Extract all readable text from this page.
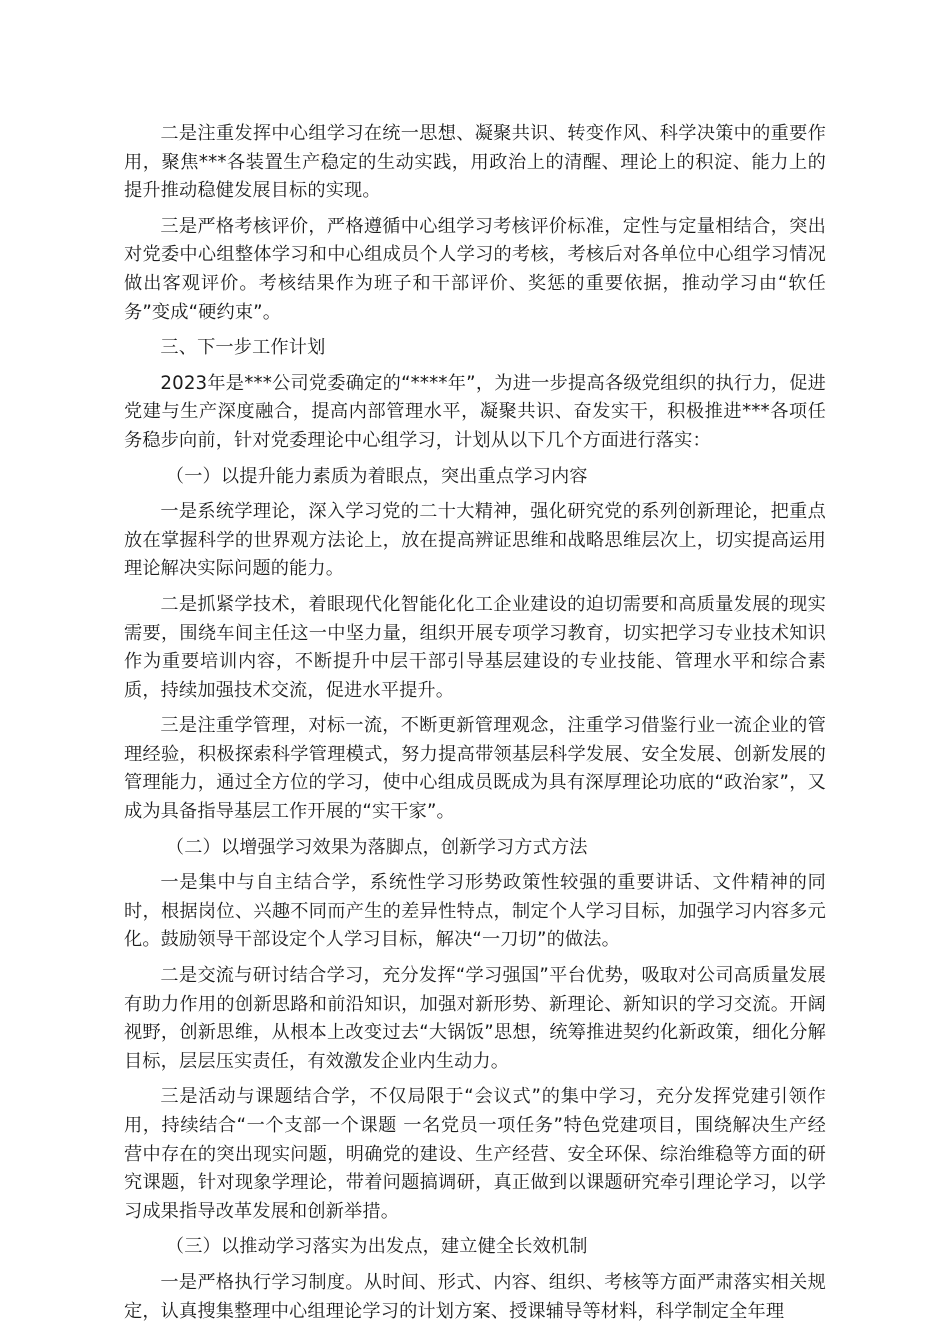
二是注重发挥中心组学习在统一思想、凝聚共识、转变作风、科学决策中的重要作用，聚焦***各装置生产稳定的生动实践，用政治上的清醒、理论上的积淀、能力上的提升推动稳健发展目标的实现。

三是严格考核评价，严格遵循中心组学习考核评价标准，定性与定量相结合，突出对党委中心组整体学习和中心组成员个人学习的考核，考核后对各单位中心组学习情况做出客观评价。考核结果作为班子和干部评价、奖惩的重要依据，推动学习由“软任务”变成“硬约束”。

三、下一步工作计划

2023年是***公司党委确定的“****年”，为进一步提高各级党组织的执行力，促进党建与生产深度融合，提高内部管理水平，凝聚共识、奋发实干，积极推进***各项任务稳步向前，针对党委理论中心组学习，计划从以下几个方面进行落实：

（一）以提升能力素质为着眼点，突出重点学习内容

一是系统学理论，深入学习党的二十大精神，强化研究党的系列创新理论，把重点放在掌握科学的世界观方法论上，放在提高辨证思维和战略思维层次上，切实提高运用理论解决实际问题的能力。

二是抓紧学技术，着眼现代化智能化化工企业建设的迫切需要和高质量发展的现实需要，围绕车间主任这一中坚力量，组织开展专项学习教育，切实把学习专业技术知识作为重要培训内容，不断提升中层干部引导基层建设的专业技能、管理水平和综合素质，持续加强技术交流，促进水平提升。

三是注重学管理，对标一流，不断更新管理观念，注重学习借鉴行业一流企业的管理经验，积极探索科学管理模式，努力提高带领基层科学发展、安全发展、创新发展的管理能力，通过全方位的学习，使中心组成员既成为具有深厚理论功底的“政治家”，又成为具备指导基层工作开展的“实干家”。

（二）以增强学习效果为落脚点，创新学习方式方法

一是集中与自主结合学，系统性学习形势政策性较强的重要讲话、文件精神的同时，根据岗位、兴趣不同而产生的差异性特点，制定个人学习目标，加强学习内容多元化。鼓励领导干部设定个人学习目标，解决“一刀切”的做法。

二是交流与研讨结合学习，充分发挥“学习强国”平台优势，吸取对公司高质量发展有助力作用的创新思路和前沿知识，加强对新形势、新理论、新知识的学习交流。开阔视野，创新思维，从根本上改变过去“大锅饭”思想，统筹推进契约化新政策，细化分解目标，层层压实责任，有效激发企业内生动力。

三是活动与课题结合学，不仅局限于“会议式”的集中学习，充分发挥党建引领作用，持续结合“一个支部一个课题 一名党员一项任务”特色党建项目，围绕解决生产经营中存在的突出现实问题，明确党的建设、生产经营、安全环保、综治维稳等方面的研究课题，针对现象学理论，带着问题搞调研，真正做到以课题研究牵引理论学习，以学习成果指导改革发展和创新举措。

（三）以推动学习落实为出发点，建立健全长效机制

一是严格执行学习制度。从时间、形式、内容、组织、考核等方面严肃落实相关规定，认真搜集整理中心组理论学习的计划方案、授课辅导等材料，科学制定全年理
